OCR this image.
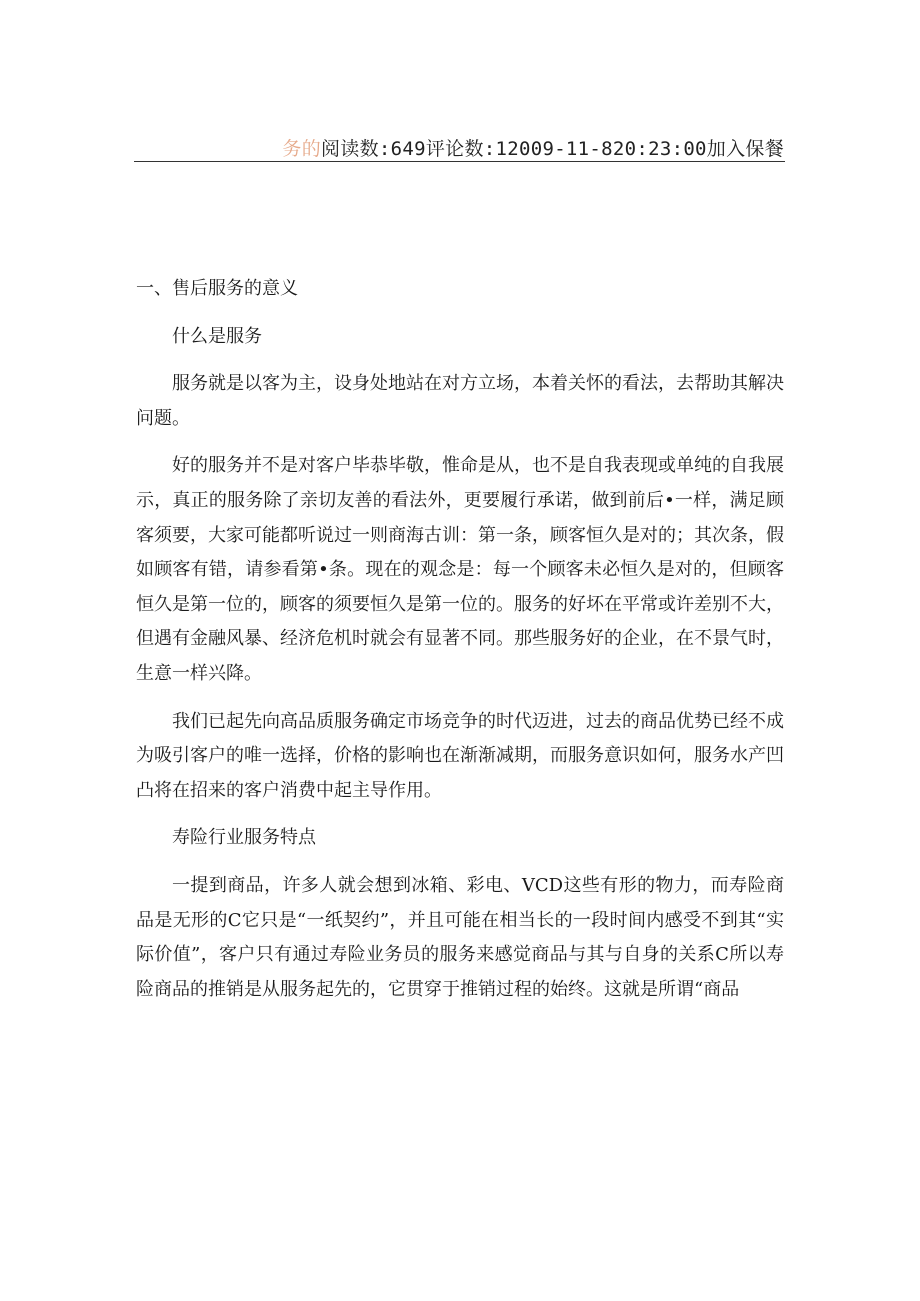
务的阅读数:649评论数:12009-11-820:23:00加入保餐

一、售后服务的意义

什么是服务

服务就是以客为主，设身处地站在对方立场，本着关怀的看法，去帮助其解决问题。

好的服务并不是对客户毕恭毕敬，惟命是从，也不是自我表现或单纯的自我展示，真正的服务除了亲切友善的看法外，更要履行承诺，做到前后•一样，满足顾客须要，大家可能都听说过一则商海古训：第一条，顾客恒久是对的；其次条，假如顾客有错，请参看第•条。现在的观念是：每一个顾客未必恒久是对的，但顾客恒久是第一位的，顾客的须要恒久是第一位的。服务的好坏在平常或许差别不大，但遇有金融风暴、经济危机时就会有显著不同。那些服务好的企业，在不景气时，生意一样兴降。

我们已起先向高品质服务确定市场竞争的时代迈进，过去的商品优势已经不成为吸引客户的唯一选择，价格的影响也在渐渐减期，而服务意识如何，服务水产凹凸将在招来的客户消费中起主导作用。

寿险行业服务特点

一提到商品，许多人就会想到冰箱、彩电、VCD这些有形的物力，而寿险商品是无形的C它只是“一纸契约”，并且可能在相当长的一段时间内感受不到其“实际价值”，客户只有通过寿险业务员的服务来感觉商品与其与自身的关系C所以寿险商品的推销是从服务起先的，它贯穿于推销过程的始终。这就是所谓“商品
